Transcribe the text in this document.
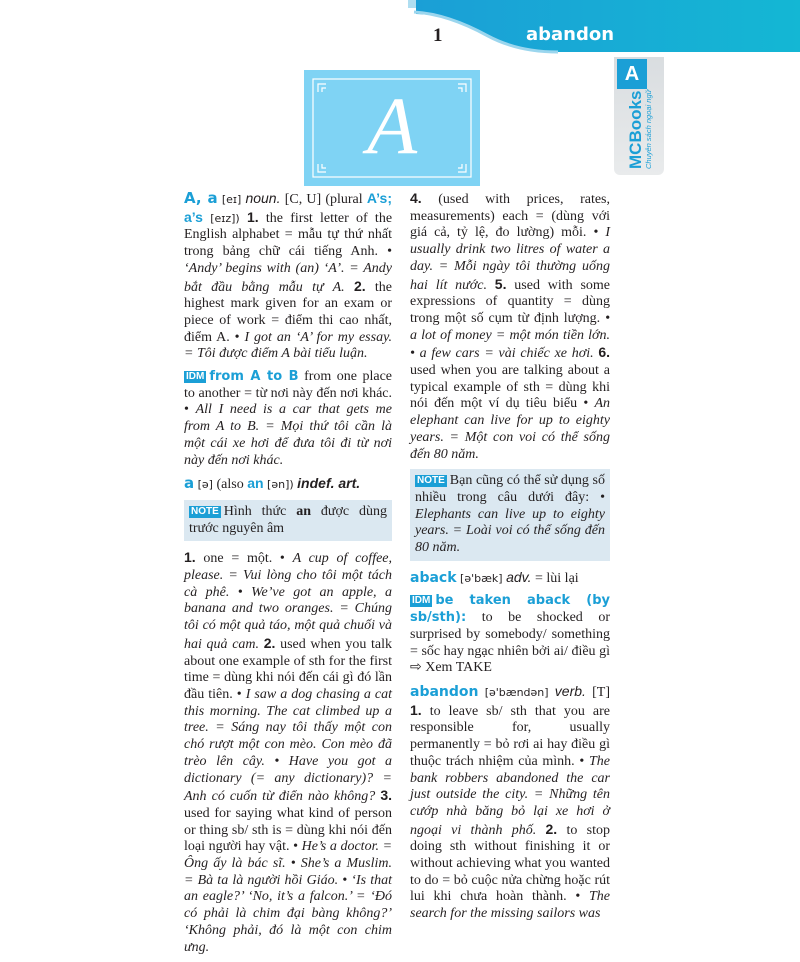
1	abandon
A
MCBooks Chuyên sách ngoại ngữ
A

A, a [eɪ] noun. [C, U] (plural A’s; a’s [eɪz]) 1. the first letter of the English alphabet = mẫu tự thứ nhất trong bảng chữ cái tiếng Anh. • ‘Andy’ begins with (an) ‘A’. = Andy bắt đầu bằng mẫu tự A. 2. the highest mark given for an exam or piece of work = điểm thi cao nhất, điểm A. • I got an ‘A’ for my essay. = Tôi được điểm A bài tiểu luận.

IDM from A to B from one place to another = từ nơi này đến nơi khác. • All I need is a car that gets me from A to B. = Mọi thứ tôi cần là một cái xe hơi để đưa tôi đi từ nơi này đến nơi khác.

a [ə] (also an [ən]) indef. art.

NOTE Hình thức an được dùng trước nguyên âm

1. one = một. • A cup of coffee, please. = Vui lòng cho tôi một tách cà phê. • We’ve got an apple, a banana and two oranges. = Chúng tôi có một quả táo, một quả chuối và hai quả cam. 2. used when you talk about one example of sth for the first time = dùng khi nói đến cái gì đó lần đầu tiên. • I saw a dog chasing a cat this morning. The cat climbed up a tree. = Sáng nay tôi thấy một con chó rượt một con mèo. Con mèo đã trèo lên cây. • Have you got a dictionary (= any dictionary)? = Anh có cuốn từ điển nào không? 3. used for saying what kind of person or thing sb/ sth is = dùng khi nói đến loại người hay vật. • He’s a doctor. = Ông ấy là bác sĩ. • She’s a Muslim. = Bà ta là người hồi Giáo. • ‘Is that an eagle?’ ‘No, it’s a falcon.’ = ‘Đó có phải là chim đại bàng không?’ ‘Không phải, đó là một con chim ưng.

4. (used with prices, rates, measurements) each = (dùng với giá cả, tỷ lệ, đo lường) mỗi. • I usually drink two litres of water a day. = Mỗi ngày tôi thường uống hai lít nước. 5. used with some expressions of quantity = dùng trong một số cụm từ định lượng. • a lot of money = một món tiền lớn. • a few cars = vài chiếc xe hơi. 6. used when you are talking about a typical example of sth = dùng khi nói đến một ví dụ tiêu biểu • An elephant can live for up to eighty years. = Một con voi có thể sống đến 80 năm.

NOTE Bạn cũng có thể sử dụng số nhiều trong câu dưới đây: • Elephants can live up to eighty years. = Loài voi có thể sống đến 80 năm.

aback [ə'bæk] adv. = lùi lại

IDM be taken aback (by sb/sth): to be shocked or surprised by somebody/ something = sốc hay ngạc nhiên bởi ai/ điều gì ⇨ Xem TAKE

abandon [ə'bændən] verb. [T] 1. to leave sb/ sth that you are responsible for, usually permanently = bỏ rơi ai hay điều gì thuộc trách nhiệm của mình. • The bank robbers abandoned the car just outside the city. = Những tên cướp nhà băng bỏ lại xe hơi ở ngoại vi thành phố. 2. to stop doing sth without finishing it or without achieving what you wanted to do = bỏ cuộc nửa chừng hoặc rút lui khi chưa hoàn thành. • The search for the missing sailors was
